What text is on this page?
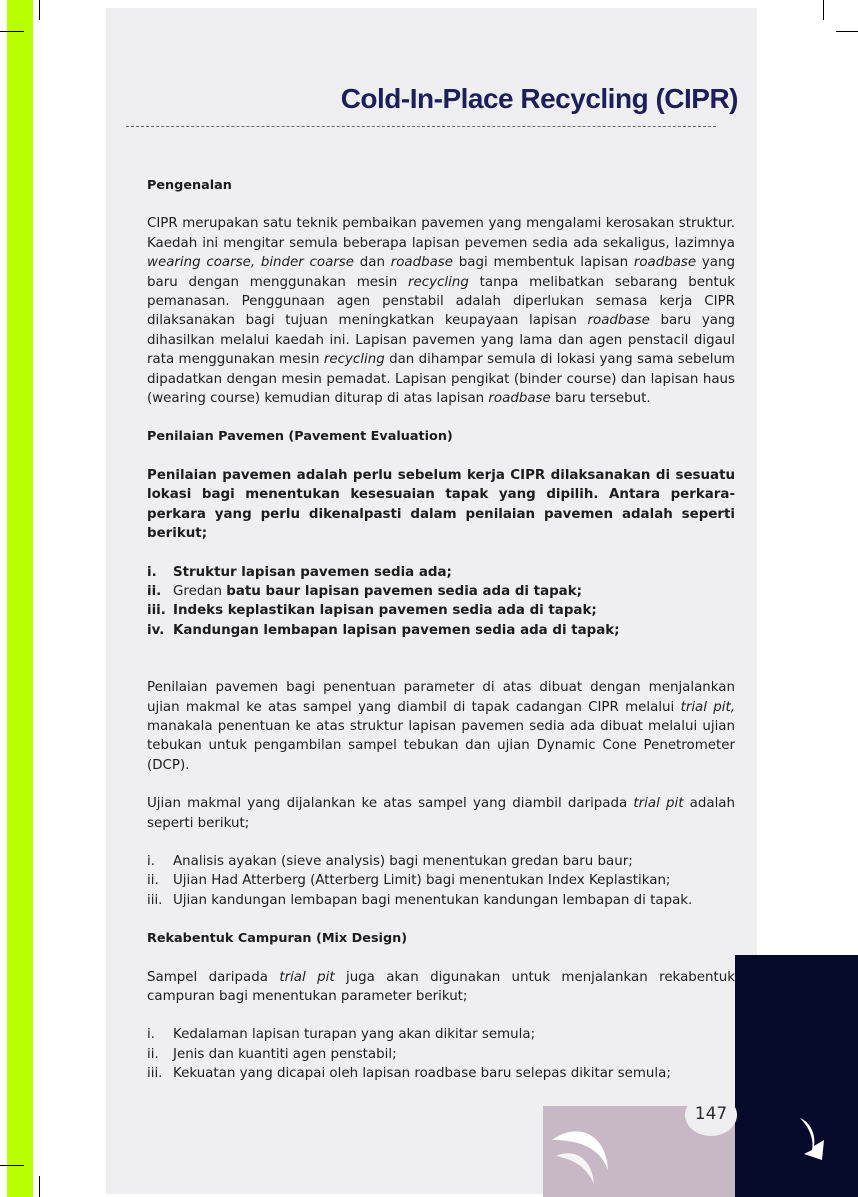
Cold-In-Place Recycling (CIPR)

Pengenalan

CIPR merupakan satu teknik pembaikan pavemen yang mengalami kerosakan struktur. Kaedah ini mengitar semula beberapa lapisan pevemen sedia ada sekaligus, lazimnya wearing coarse, binder coarse dan roadbase bagi membentuk lapisan roadbase yang baru dengan menggunakan mesin recycling tanpa melibatkan sebarang bentuk pemanasan. Penggunaan agen penstabil adalah diperlukan semasa kerja CIPR dilaksanakan bagi tujuan meningkatkan keupayaan lapisan roadbase baru yang dihasilkan melalui kaedah ini. Lapisan pavemen yang lama dan agen penstacil digaul rata menggunakan mesin recycling dan dihampar semula di lokasi yang sama sebelum dipadatkan dengan mesin pemadat. Lapisan pengikat (binder course) dan lapisan haus (wearing course) kemudian diturap di atas lapisan roadbase baru tersebut.

Penilaian Pavemen (Pavement Evaluation)

Penilaian pavemen adalah perlu sebelum kerja CIPR dilaksanakan di sesuatu lokasi bagi menentukan kesesuaian tapak yang dipilih. Antara perkara-perkara yang perlu dikenalpasti dalam penilaian pavemen adalah seperti berikut;

i. Struktur lapisan pavemen sedia ada;
ii. Gredan batu baur lapisan pavemen sedia ada di tapak;
iii. Indeks keplastikan lapisan pavemen sedia ada di tapak;
iv. Kandungan lembapan lapisan pavemen sedia ada di tapak;

Penilaian pavemen bagi penentuan parameter di atas dibuat dengan menjalankan ujian makmal ke atas sampel yang diambil di tapak cadangan CIPR melalui trial pit, manakala penentuan ke atas struktur lapisan pavemen sedia ada dibuat melalui ujian tebukan untuk pengambilan sampel tebukan dan ujian Dynamic Cone Penetrometer (DCP).

Ujian makmal yang dijalankan ke atas sampel yang diambil daripada trial pit adalah seperti berikut;

i. Analisis ayakan (sieve analysis) bagi menentukan gredan baru baur;
ii. Ujian Had Atterberg (Atterberg Limit) bagi menentukan Index Keplastikan;
iii. Ujian kandungan lembapan bagi menentukan kandungan lembapan di tapak.

Rekabentuk Campuran (Mix Design)

Sampel daripada trial pit juga akan digunakan untuk menjalankan rekabentuk campuran bagi menentukan parameter berikut;

i. Kedalaman lapisan turapan yang akan dikitar semula;
ii. Jenis dan kuantiti agen penstabil;
iii. Kekuatan yang dicapai oleh lapisan roadbase baru selepas dikitar semula;
147
